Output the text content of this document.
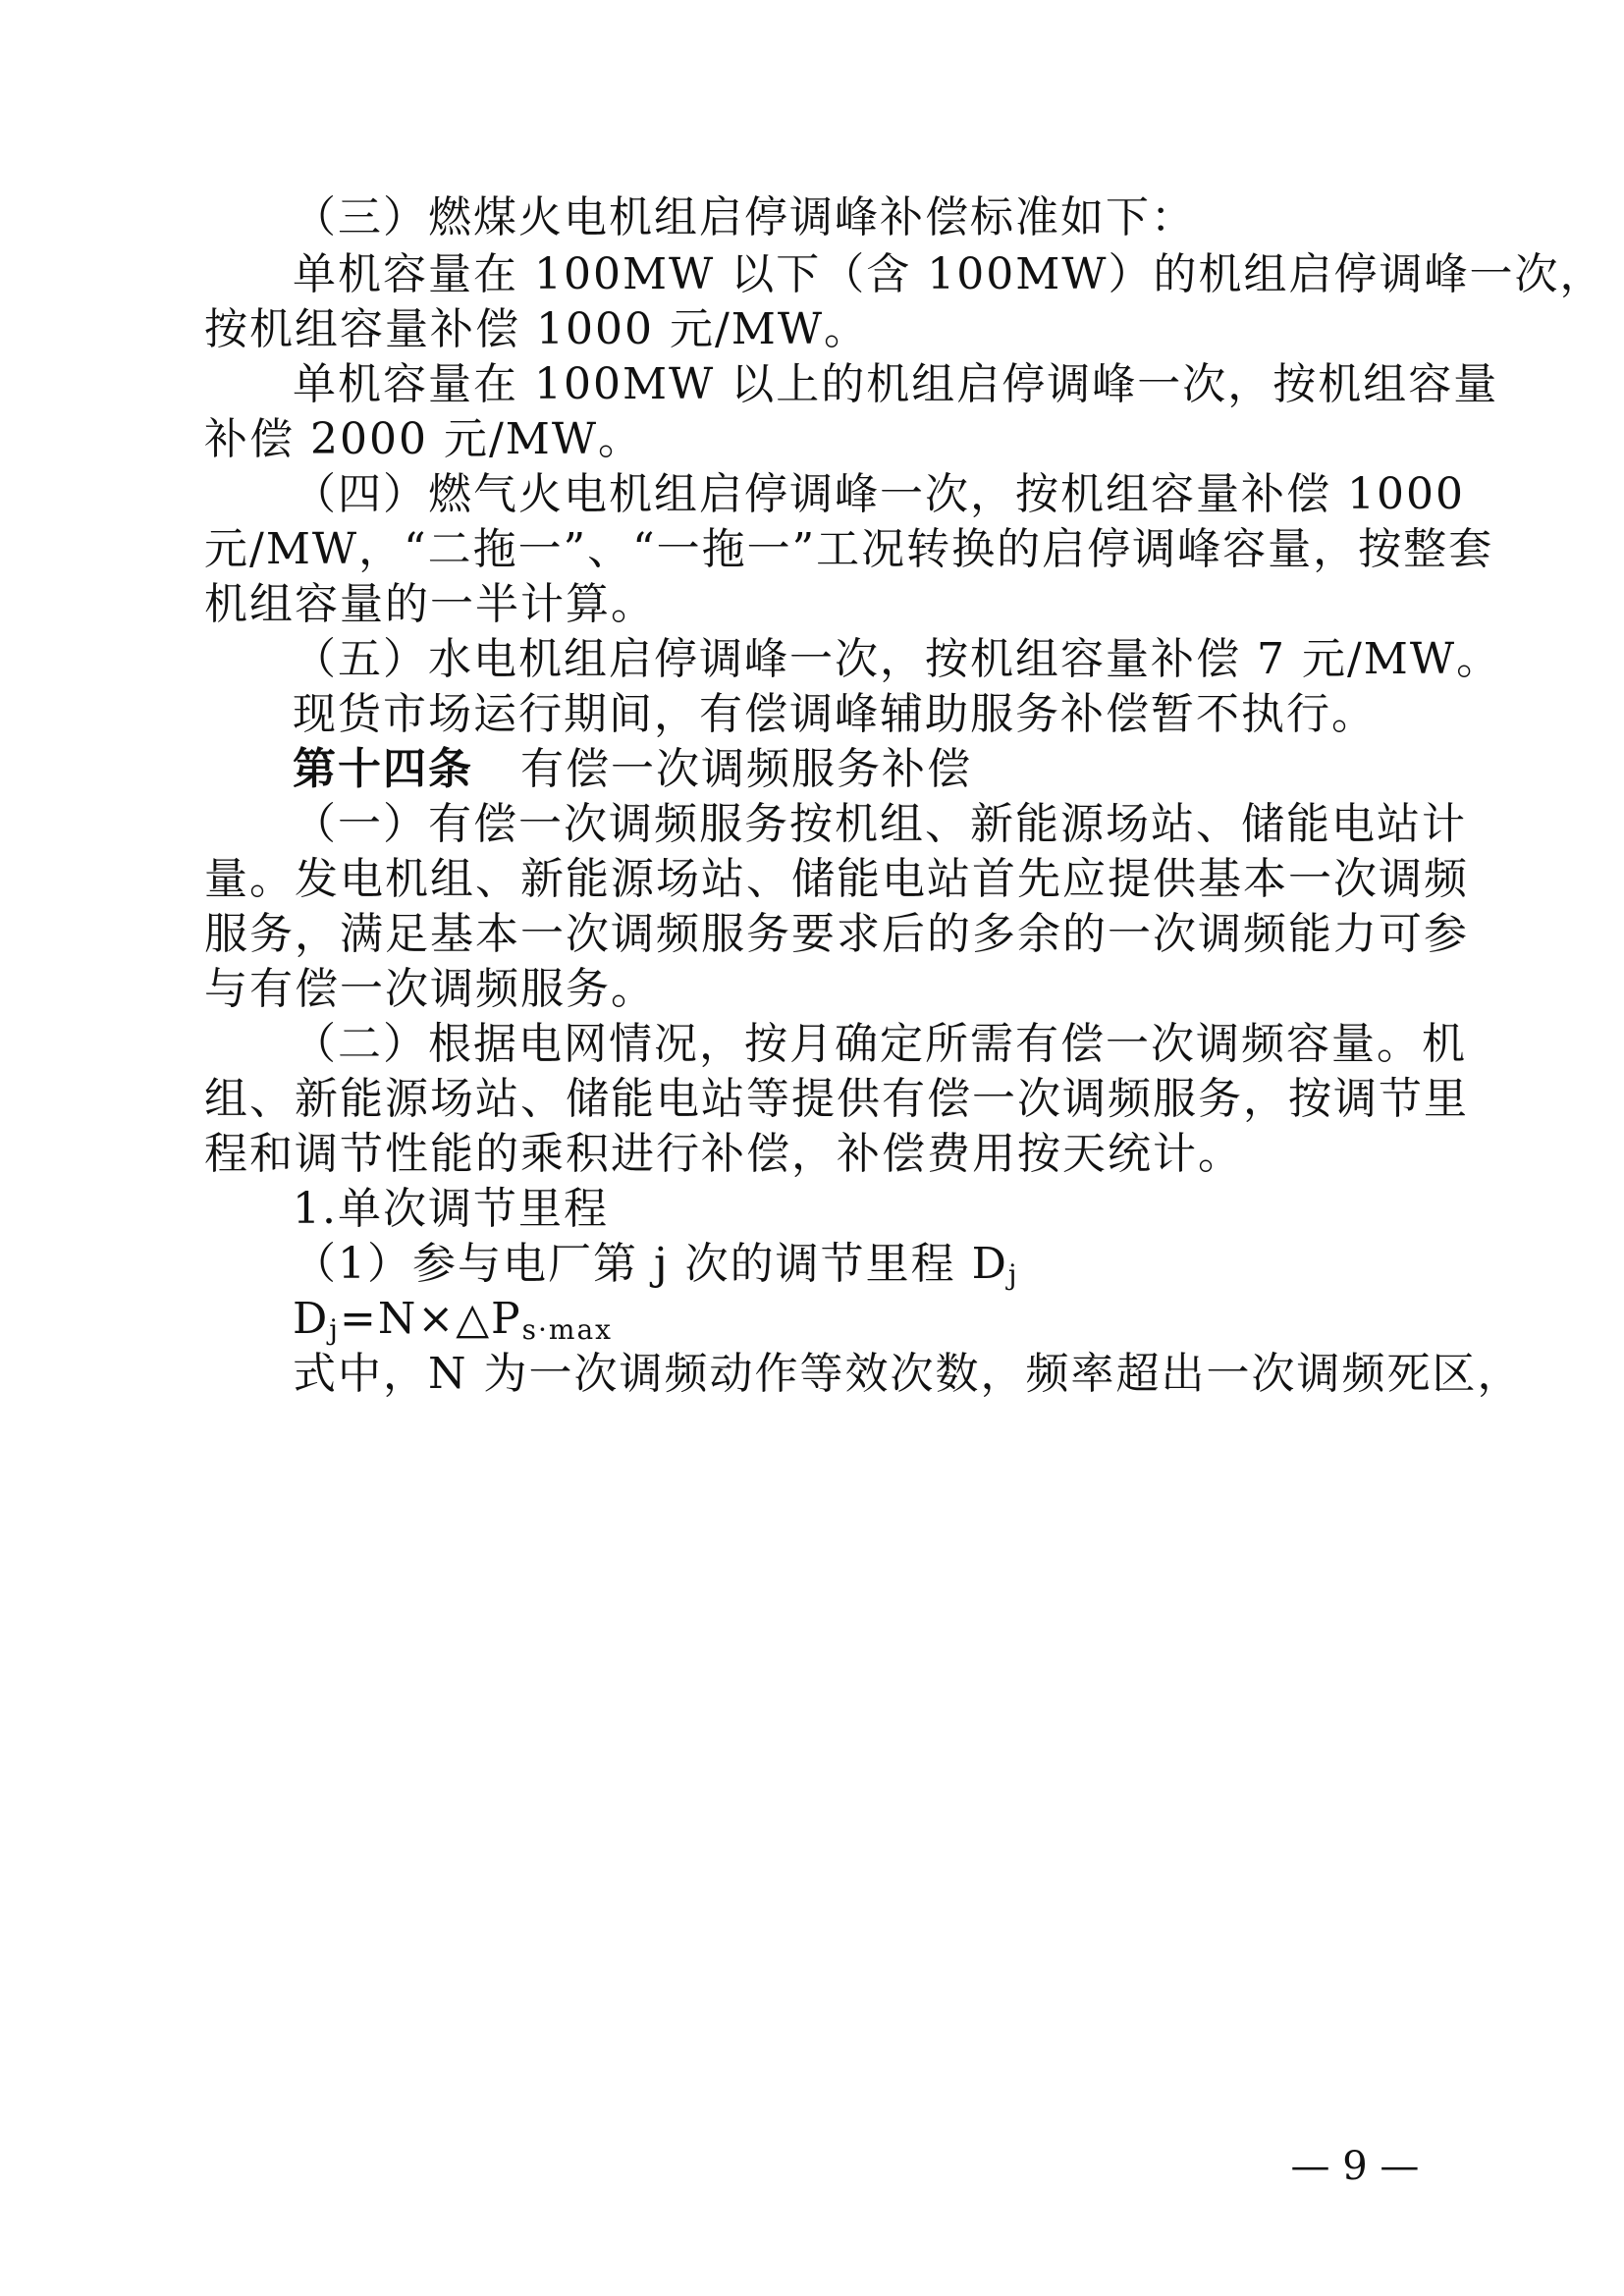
（三）燃煤火电机组启停调峰补偿标准如下：
单机容量在 100MW 以下（含 100MW）的机组启停调峰一次，
按机组容量补偿 1000 元/MW。
单机容量在 100MW 以上的机组启停调峰一次，按机组容量
补偿 2000 元/MW。
（四）燃气火电机组启停调峰一次，按机组容量补偿 1000
元/MW，“二拖一”、“一拖一”工况转换的启停调峰容量，按整套
机组容量的一半计算。
（五）水电机组启停调峰一次，按机组容量补偿 7 元/MW。
现货市场运行期间，有偿调峰辅助服务补偿暂不执行。
第十四条 有偿一次调频服务补偿
（一）有偿一次调频服务按机组、新能源场站、储能电站计
量。发电机组、新能源场站、储能电站首先应提供基本一次调频
服务，满足基本一次调频服务要求后的多余的一次调频能力可参
与有偿一次调频服务。
（二）根据电网情况，按月确定所需有偿一次调频容量。机
组、新能源场站、储能电站等提供有偿一次调频服务，按调节里
程和调节性能的乘积进行补偿，补偿费用按天统计。
1.单次调节里程
（1）参与电厂第 j 次的调节里程 $D_j$
$D_j=N\times\triangle P_{s\cdot max}$
式中，N 为一次调频动作等效次数，频率超出一次调频死区，
— 9 —
